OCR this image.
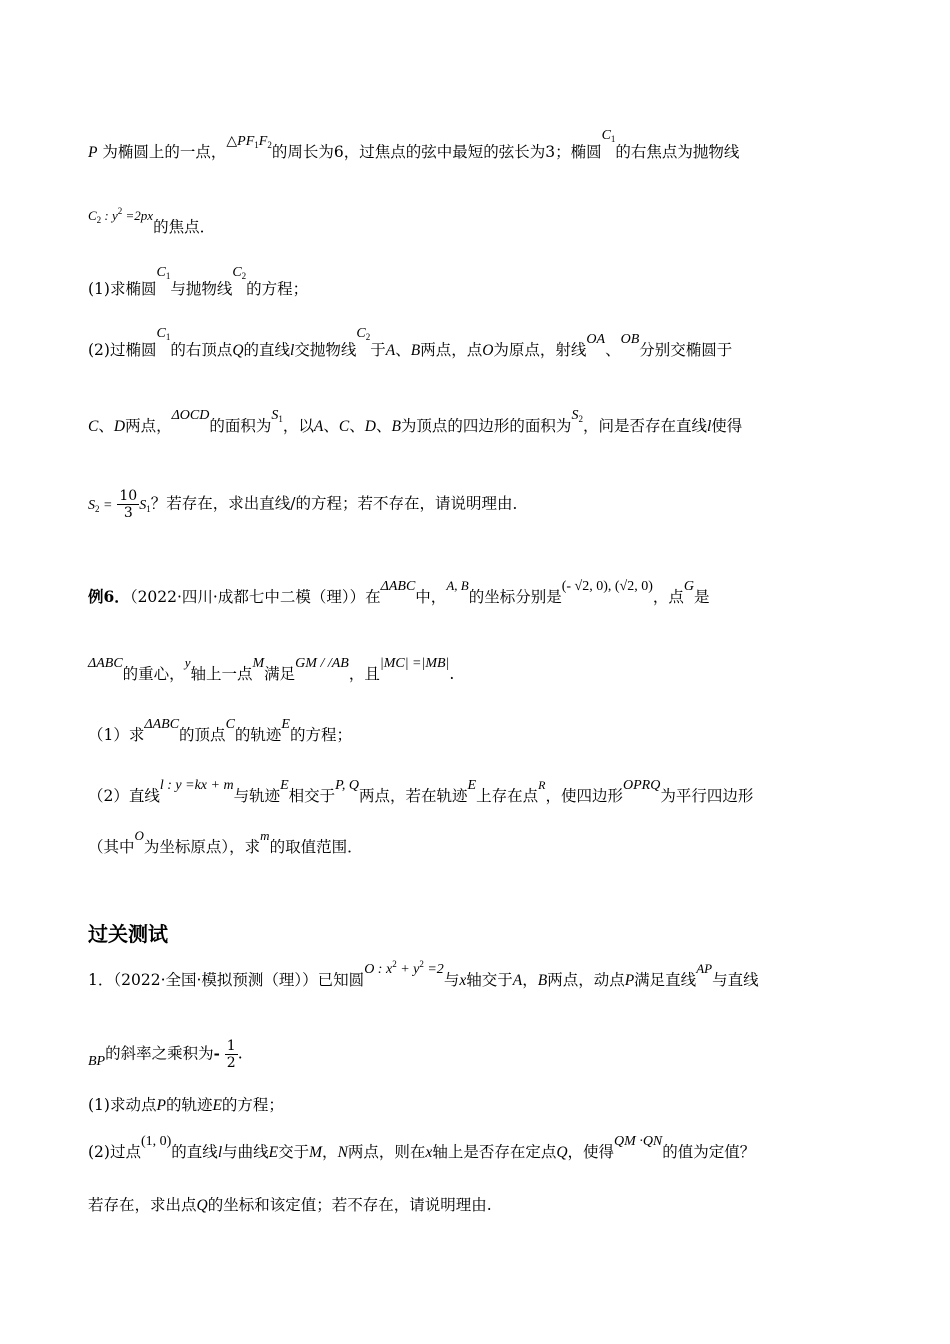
P 为椭圆上的一点，$\triangle PF_1F_2$的周长为6，过焦点的弦中最短的弦长为3；椭圆$C_1$的右焦点为抛物线
$^{C_2 : y^2 =2px}$的焦点．
(1)求椭圆$C_1$与抛物线$C_2$的方程；
(2)过椭圆$C_1$的右顶点Q的直线l交抛物线$C_2$于A、B两点，点O为原点，射线OA、OB分别交椭圆于
C、D两点，ΔOCD的面积为$S_1$，以A、C、D、B为顶点的四边形的面积为$S_2$，问是否存在直线l使得
$S_2 = \frac{10}{3} S_1$？若存在，求出直线/的方程；若不存在，请说明理由．
例6．（2022·四川·成都七中二模（理））在ΔABC中，$^{A, B}$的坐标分别是(- √2, 0), (√2, 0)，点G是
ΔABC的重心，$^y$轴上一点M满足GM / /AB，且|MC| =|MB|.
（1）求ΔABC的顶点C的轨迹E的方程；
（2）直线l : y =kx + m与轨迹E相交于P, Q两点，若在轨迹E上存在点$^R$，使四边形OPRQ为平行四边形
（其中$^O$为坐标原点），求$^m$的取值范围．
过关测试
1．（2022·全国·模拟预测（理））已知圆O : $x^2 + y^2 =2$与x轴交于A，B两点，动点P满足直线$^{AP}$与直线
BP的斜率之乘积为- $\frac{1}{2}$ .
(1)求动点P的轨迹E的方程；
(2)过点(1, 0)的直线l与曲线E交于M，N两点，则在x轴上是否存在定点Q，使得QM ·QN的值为定值？
若存在，求出点Q的坐标和该定值；若不存在，请说明理由.
